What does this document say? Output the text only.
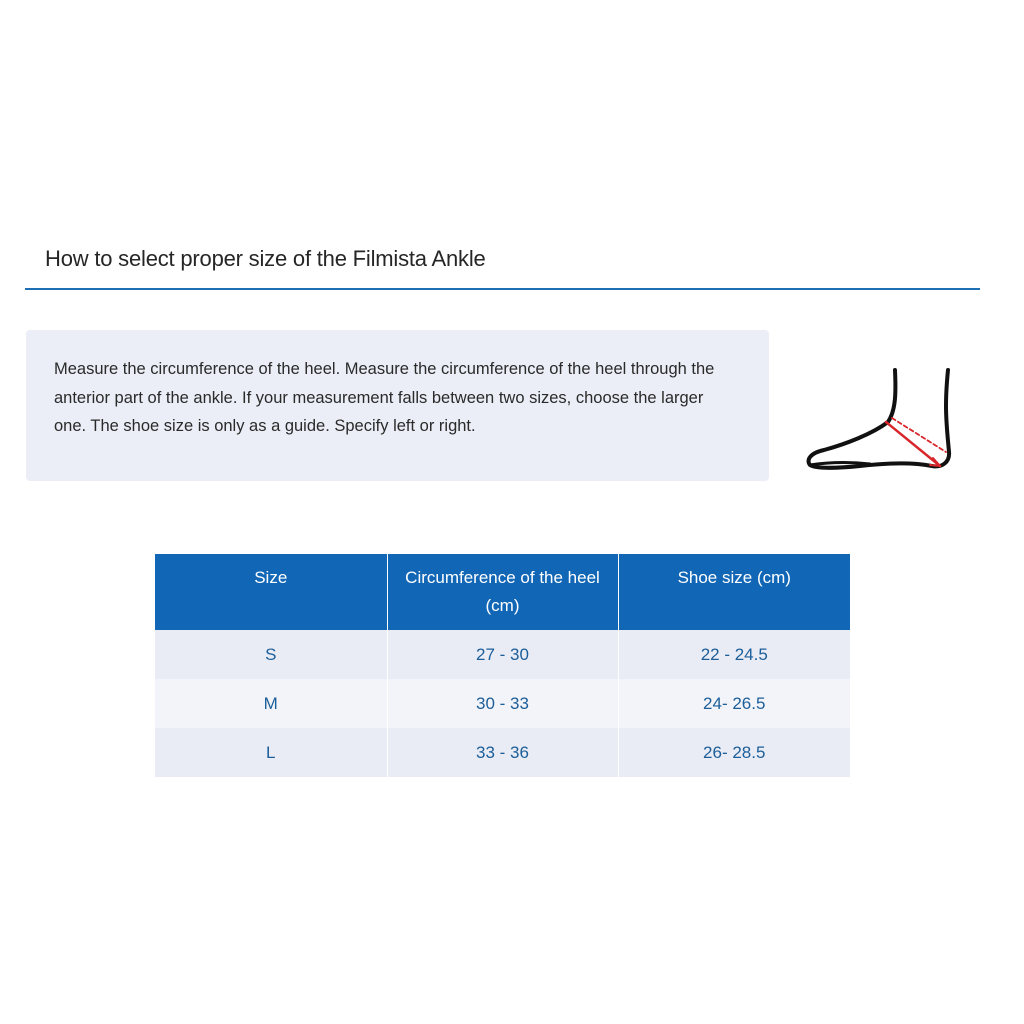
How to select proper size of the Filmista Ankle

Measure the circumference of the heel. Measure the circumference of the heel through the
anterior part of the ankle. If your measurement falls between two sizes, choose the larger
one. The shoe size is only as a guide. Specify left or right.

Size	Circumference of the heel (cm)	Shoe size (cm)
S	27 - 30	22 - 24.5
M	30 - 33	24- 26.5
L	33 - 36	26- 28.5
